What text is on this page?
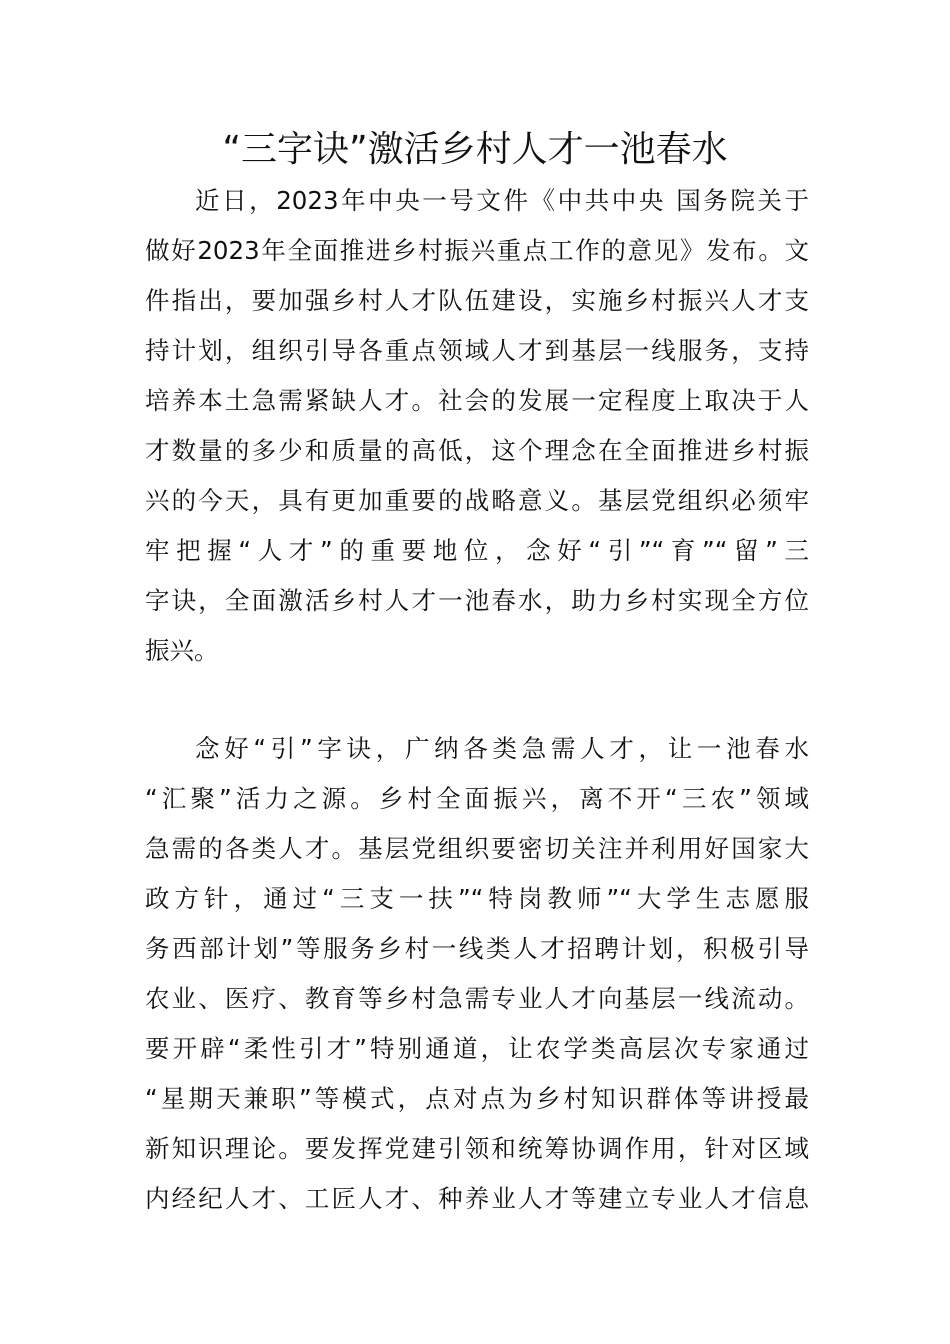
“三字诀”激活乡村人才一池春水
近日，2023年中央一号文件《中共中央 国务院关于
做好2023年全面推进乡村振兴重点工作的意见》发布。文
件指出，要加强乡村人才队伍建设，实施乡村振兴人才支
持计划，组织引导各重点领域人才到基层一线服务，支持
培养本土急需紧缺人才。社会的发展一定程度上取决于人
才数量的多少和质量的高低，这个理念在全面推进乡村振
兴的今天，具有更加重要的战略意义。基层党组织必须牢
牢把握“人才”的重要地位，念好“引”“育”“留”三
字诀，全面激活乡村人才一池春水，助力乡村实现全方位
振兴。
念好“引”字诀，广纳各类急需人才，让一池春水
“汇聚”活力之源。乡村全面振兴，离不开“三农”领域
急需的各类人才。基层党组织要密切关注并利用好国家大
政方针，通过“三支一扶”“特岗教师”“大学生志愿服
务西部计划”等服务乡村一线类人才招聘计划，积极引导
农业、医疗、教育等乡村急需专业人才向基层一线流动。
要开辟“柔性引才”特别通道，让农学类高层次专家通过
“星期天兼职”等模式，点对点为乡村知识群体等讲授最
新知识理论。要发挥党建引领和统筹协调作用，针对区域
内经纪人才、工匠人才、种养业人才等建立专业人才信息
